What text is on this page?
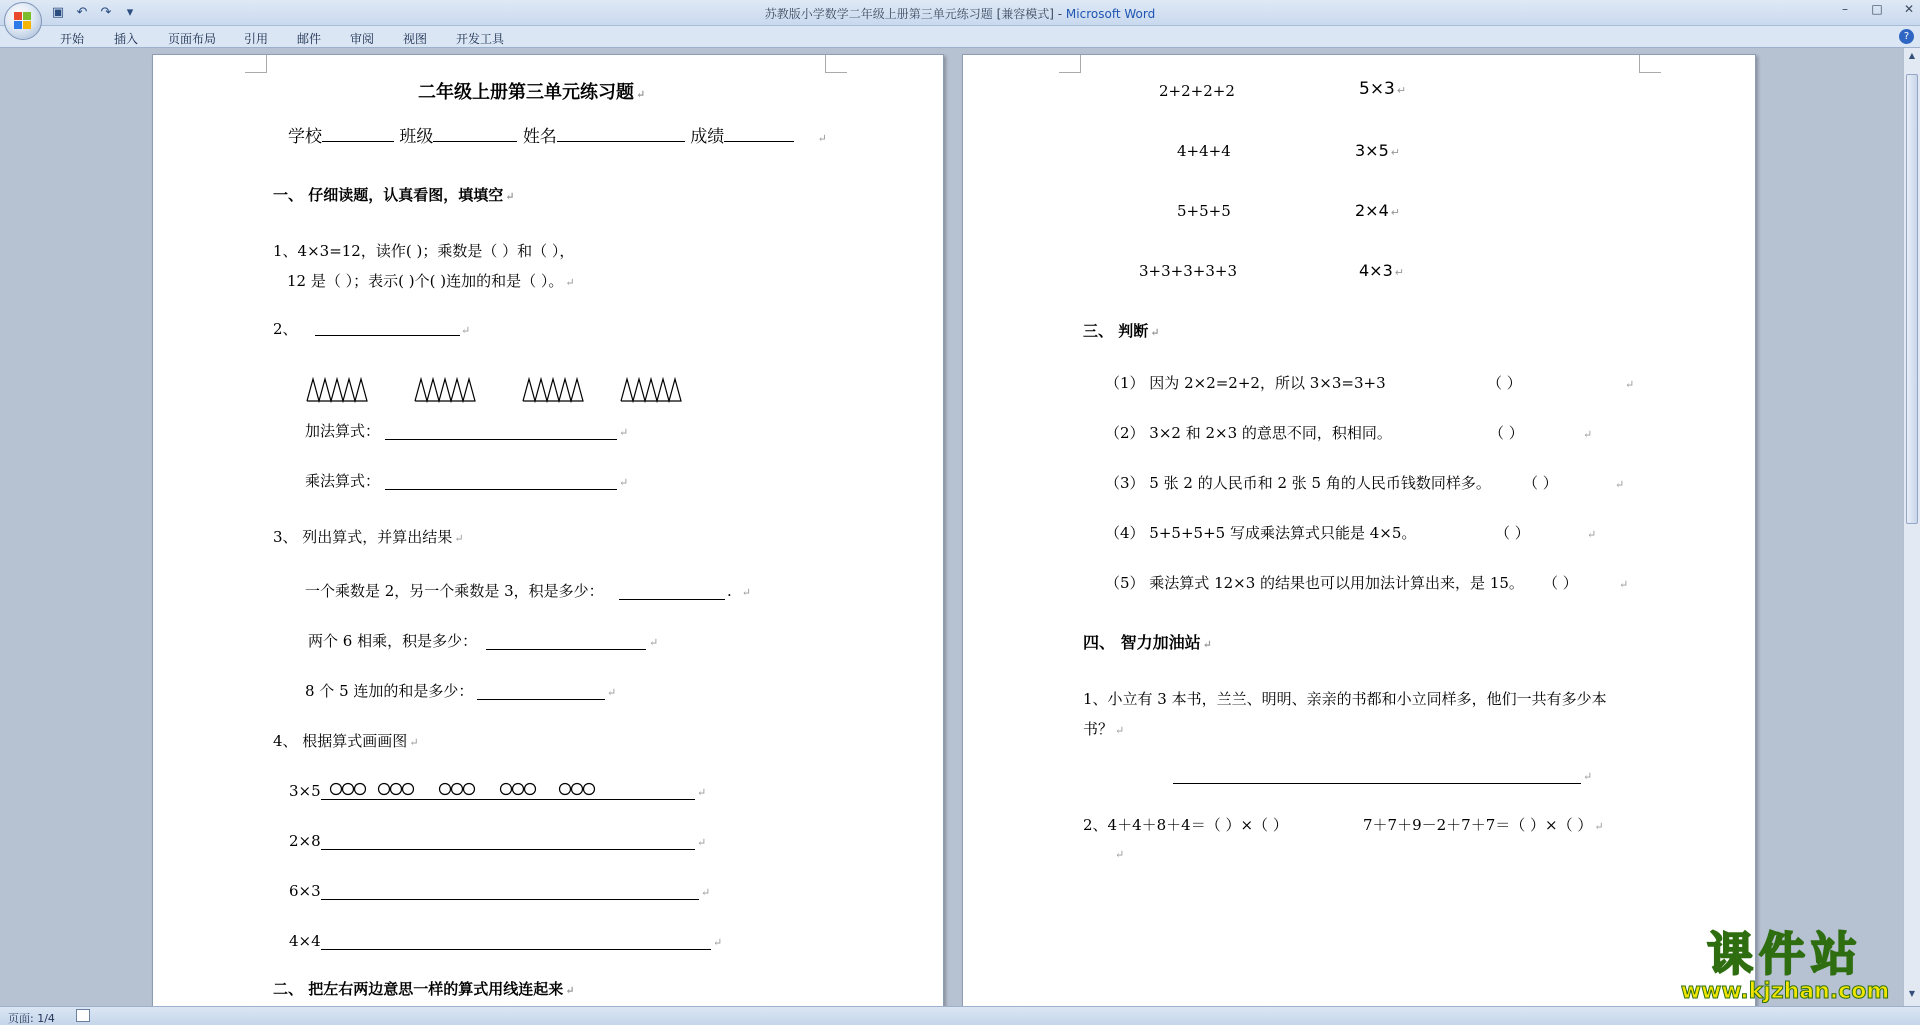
▣ ↶ ↷	▾	苏教版小学数学二年级上册第三单元练习题 [兼容模式] - Microsoft Word	–	□ ✕
开始 插入 页面布局 引用 邮件 审阅 视图 开发工具	?
二年级上册第三单元练习题 ↵
学校	班级	姓名	成绩	↵
一、 仔细读题，认真看图，填填空 ↵
1、4×3=12，读作( )；乘数是（ ）和（ ），
12 是（ ）；表示( )个( )连加的和是（ ）。 ↵
2、	↵
加法算式：	↵
乘法算式：	↵
3、 列出算式，并算出结果 ↵
一个乘数是 2，另一个乘数是 3，积是多少：	. ↵
两个 6 相乘，积是多少：	↵
8 个 5 连加的和是多少：	↵
4、 根据算式画画图 ↵
3×5	↵
2×8	↵
6×3	↵
4×4	↵
二、 把左右两边意思一样的算式用线连起来 ↵
2+2+2+2	5×3 ↵
4+4+4	3×5 ↵
5+5+5	2×4 ↵
3+3+3+3+3	4×3 ↵
三、 判断 ↵
（1） 因为 2×2=2+2，所以 3×3=3+3	（ ）	↵
（2） 3×2 和 2×3 的意思不同，积相同。	（ ）	↵
（3） 5 张 2 的人民币和 2 张 5 角的人民币钱数同样多。 （ ）	↵
（4） 5+5+5+5 写成乘法算式只能是 4×5。	（ ）	↵
（5） 乘法算式 12×3 的结果也可以用加法计算出来，是 15。 （ ）	↵
四、 智力加油站 ↵
1、小立有 3 本书，兰兰、明明、亲亲的书都和小立同样多，他们一共有多少本
书？ ↵
↵
2、4＋4＋8＋4＝（ ）×（ ）	7＋7＋9－2＋7＋7＝（ ）×（ ） ↵
↵
▲
▼
页面: 1/4
课件站
www.kjzhan.com
